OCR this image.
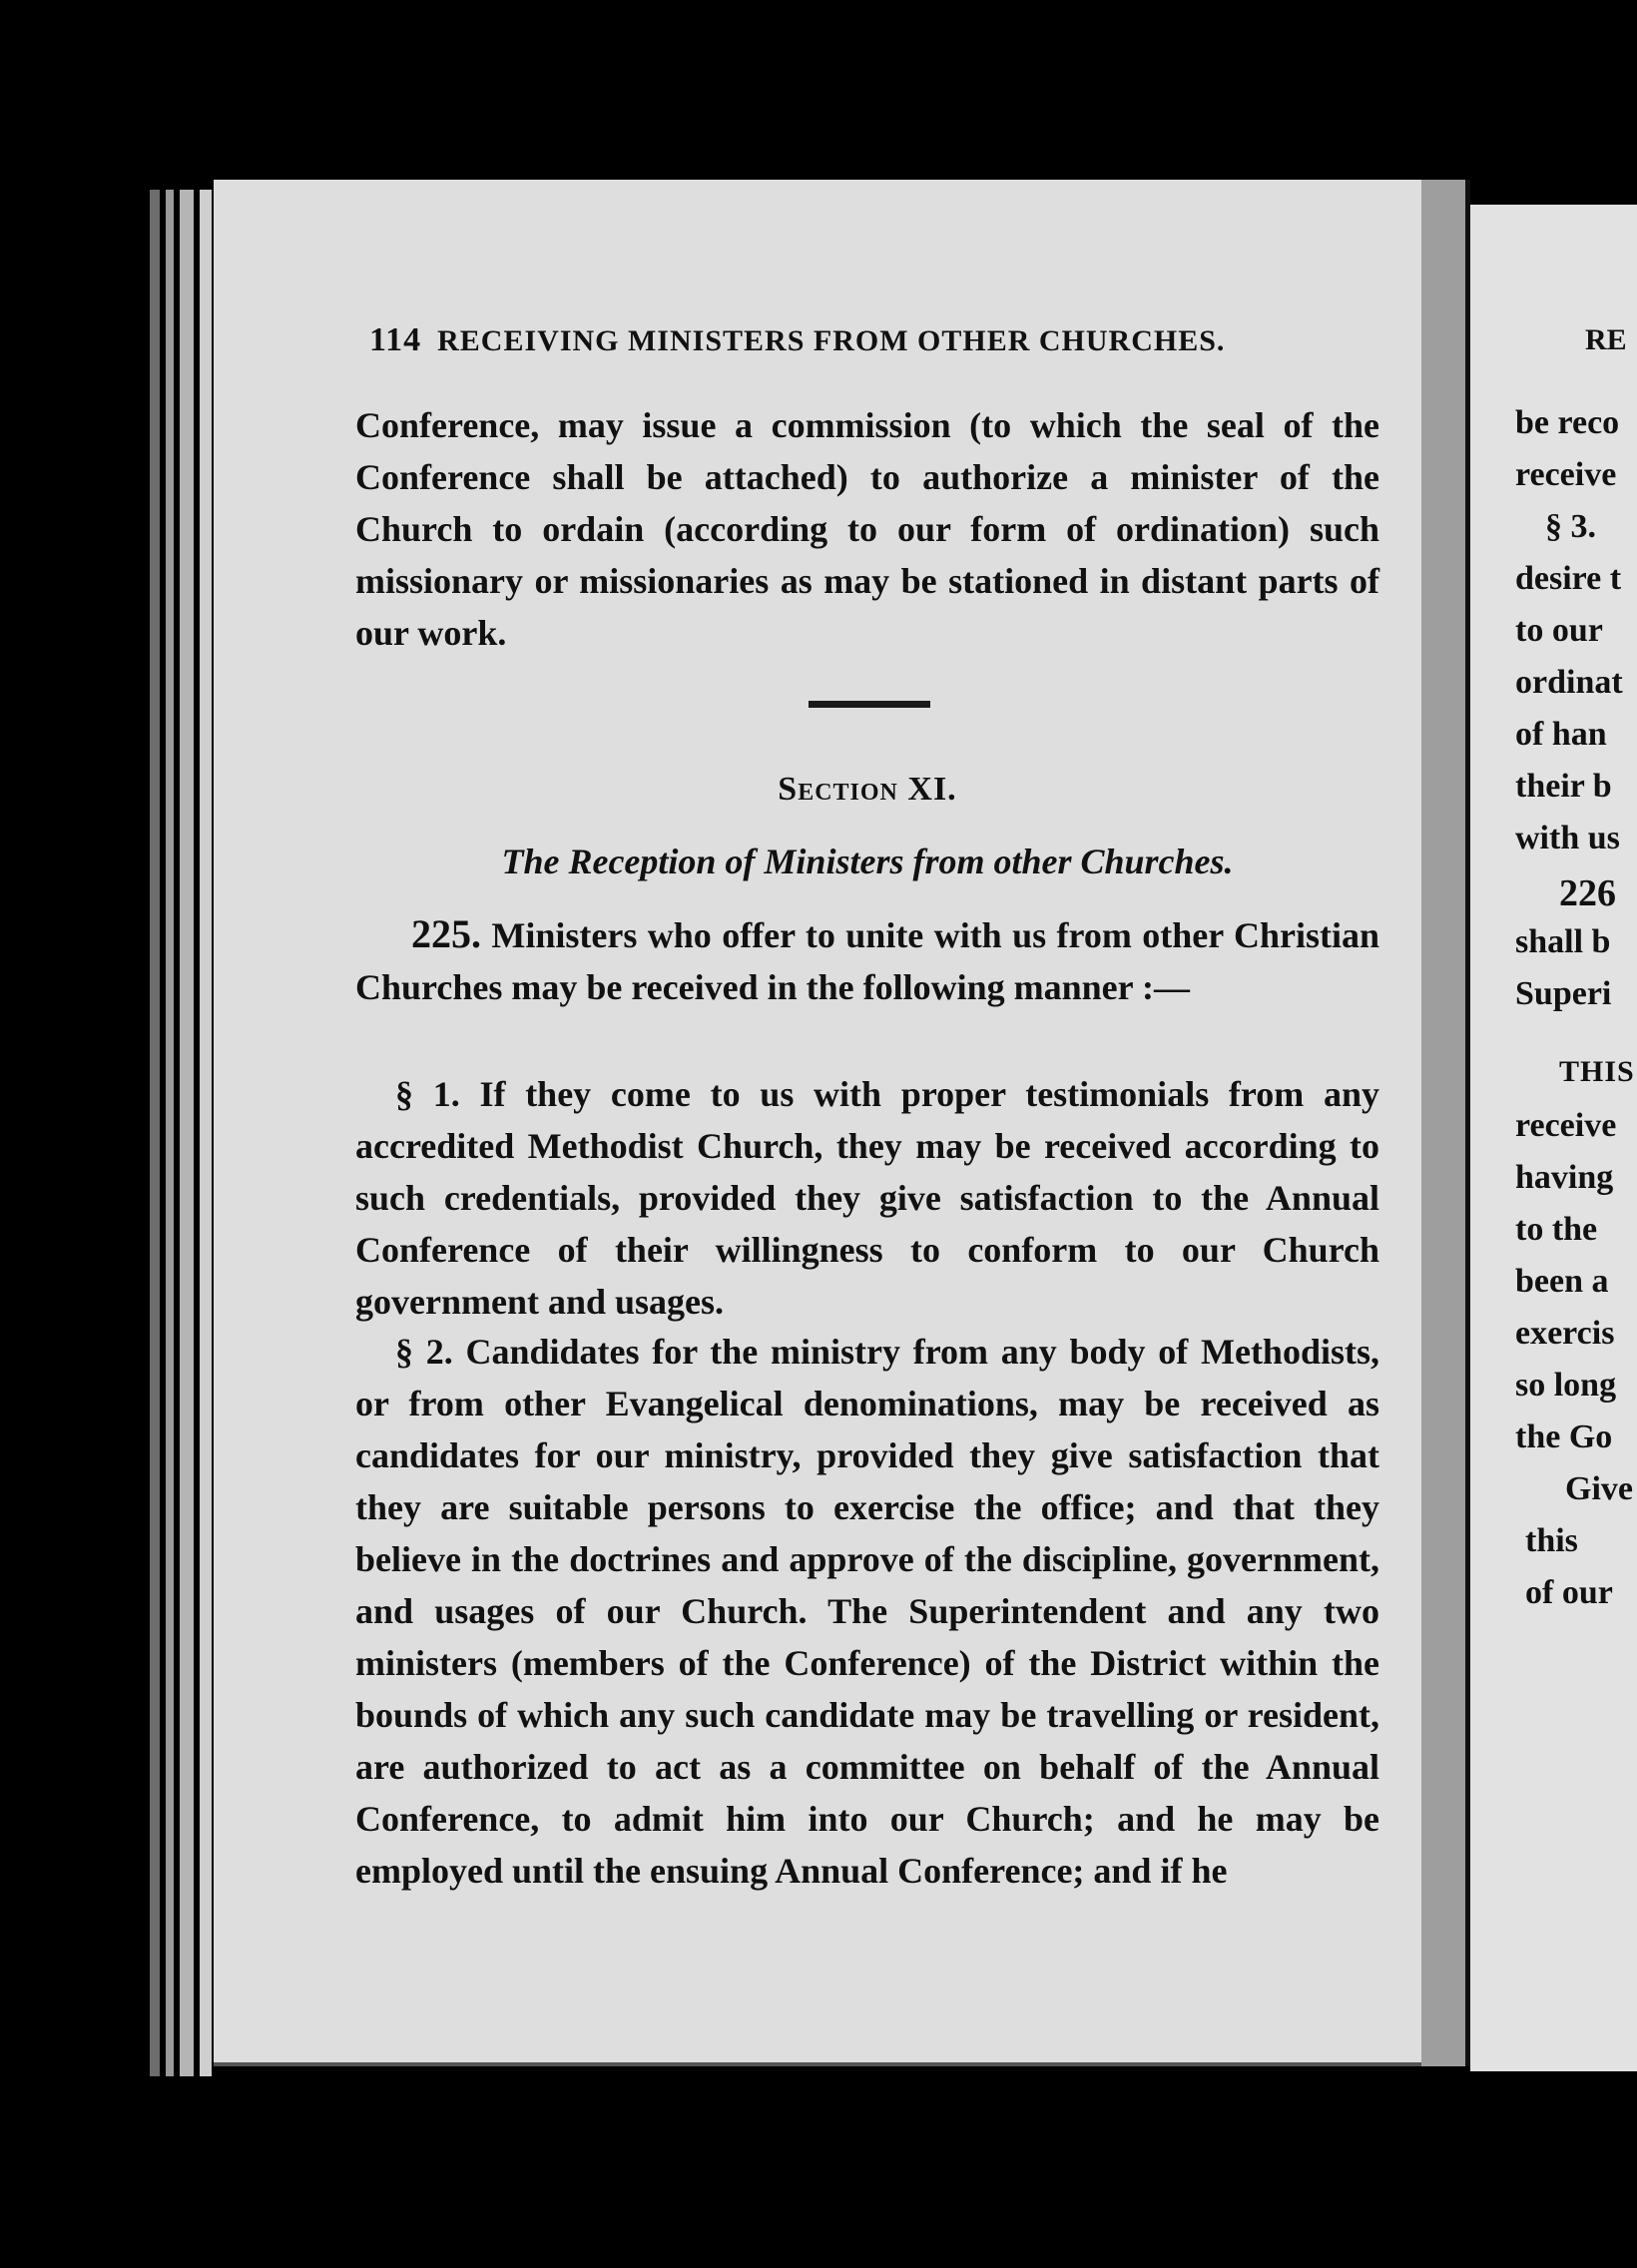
114 RECEIVING MINISTERS FROM OTHER CHURCHES.
Conference, may issue a commission (to which the seal of the Conference shall be attached) to authorize a minister of the Church to ordain (according to our form of ordination) such missionary or missionaries as may be stationed in distant parts of our work.
Section XI.
The Reception of Ministers from other Churches.
225. Ministers who offer to unite with us from other Christian Churches may be received in the following manner :—
§ 1. If they come to us with proper testimonials from any accredited Methodist Church, they may be received according to such credentials, provided they give satisfaction to the Annual Conference of their willingness to conform to our Church government and usages.
§ 2. Candidates for the ministry from any body of Methodists, or from other Evangelical denominations, may be received as candidates for our ministry, provided they give satisfaction that they are suitable persons to exercise the office; and that they believe in the doctrines and approve of the discipline, government, and usages of our Church. The Superintendent and any two ministers (members of the Conference) of the District within the bounds of which any such candidate may be travelling or resident, are authorized to act as a committee on behalf of the Annual Conference, to admit him into our Church; and he may be employed until the ensuing Annual Conference; and if he
RE
be reco
receive
§ 3.
desire t
to our
ordinat
of han
their b
with us
226
shall b
Superi
THIS
receive
having
to the
been a
exercis
so long
the Go
Give
this
of our
